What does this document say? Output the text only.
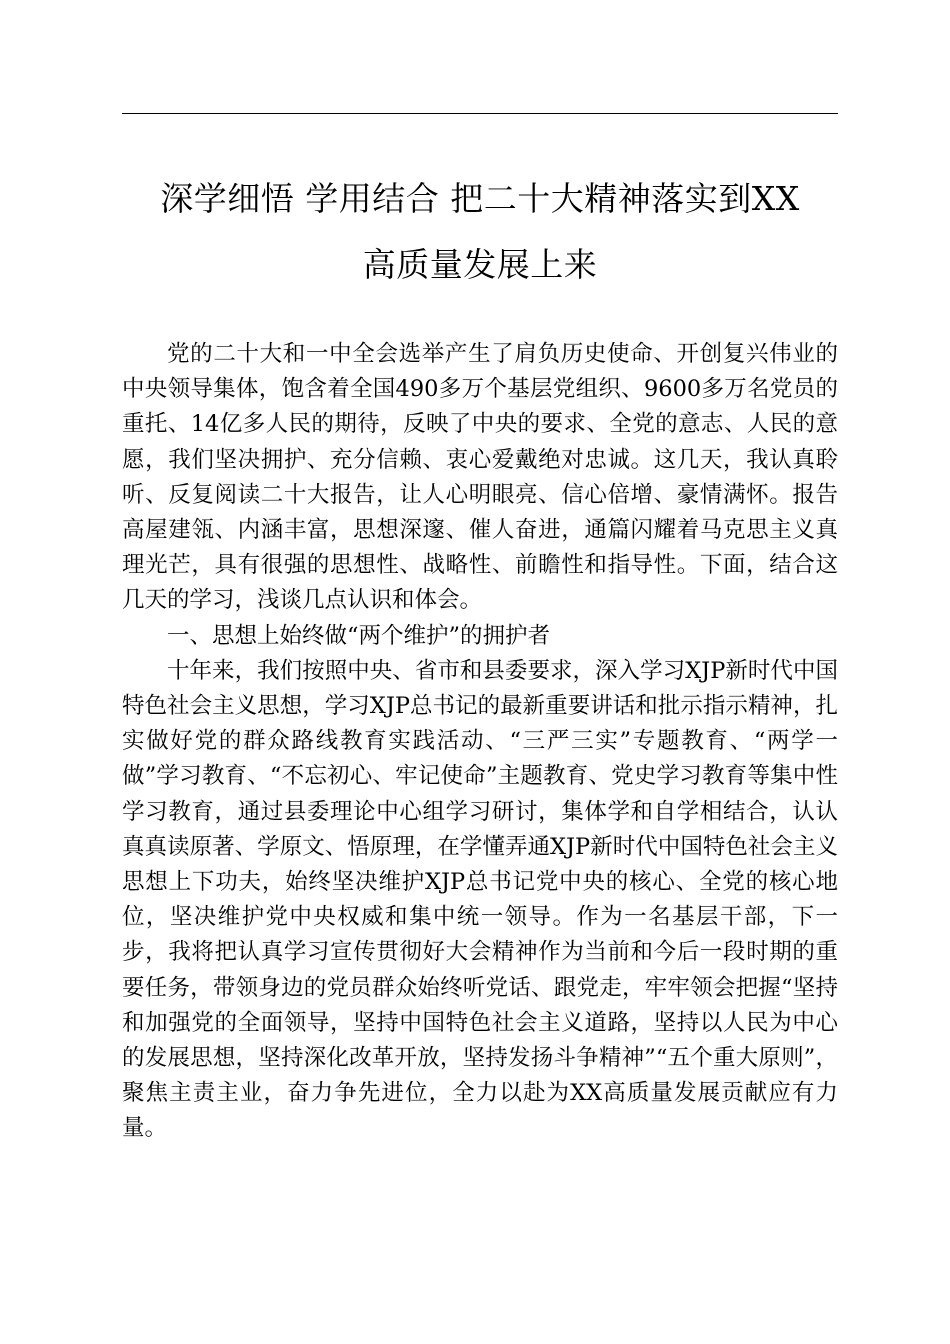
深学细悟 学用结合 把二十大精神落实到XX
高质量发展上来

党的二十大和一中全会选举产生了肩负历史使命、开创复兴伟业的中央领导集体，饱含着全国490多万个基层党组织、9600多万名党员的重托、14亿多人民的期待，反映了中央的要求、全党的意志、人民的意愿，我们坚决拥护、充分信赖、衷心爱戴绝对忠诚。这几天，我认真聆听、反复阅读二十大报告，让人心明眼亮、信心倍增、豪情满怀。报告高屋建瓴、内涵丰富，思想深邃、催人奋进，通篇闪耀着马克思主义真理光芒，具有很强的思想性、战略性、前瞻性和指导性。下面，结合这几天的学习，浅谈几点认识和体会。

一、思想上始终做“两个维护”的拥护者

十年来，我们按照中央、省市和县委要求，深入学习XJP新时代中国特色社会主义思想，学习XJP总书记的最新重要讲话和批示指示精神，扎实做好党的群众路线教育实践活动、“三严三实”专题教育、“两学一做”学习教育、“不忘初心、牢记使命”主题教育、党史学习教育等集中性学习教育，通过县委理论中心组学习研讨，集体学和自学相结合，认认真真读原著、学原文、悟原理，在学懂弄通XJP新时代中国特色社会主义思想上下功夫，始终坚决维护XJP总书记党中央的核心、全党的核心地位，坚决维护党中央权威和集中统一领导。作为一名基层干部，下一步，我将把认真学习宣传贯彻好大会精神作为当前和今后一段时期的重要任务，带领身边的党员群众始终听党话、跟党走，牢牢领会把握“坚持和加强党的全面领导，坚持中国特色社会主义道路，坚持以人民为中心的发展思想，坚持深化改革开放，坚持发扬斗争精神”“五个重大原则”，聚焦主责主业，奋力争先进位，全力以赴为XX高质量发展贡献应有力量。
